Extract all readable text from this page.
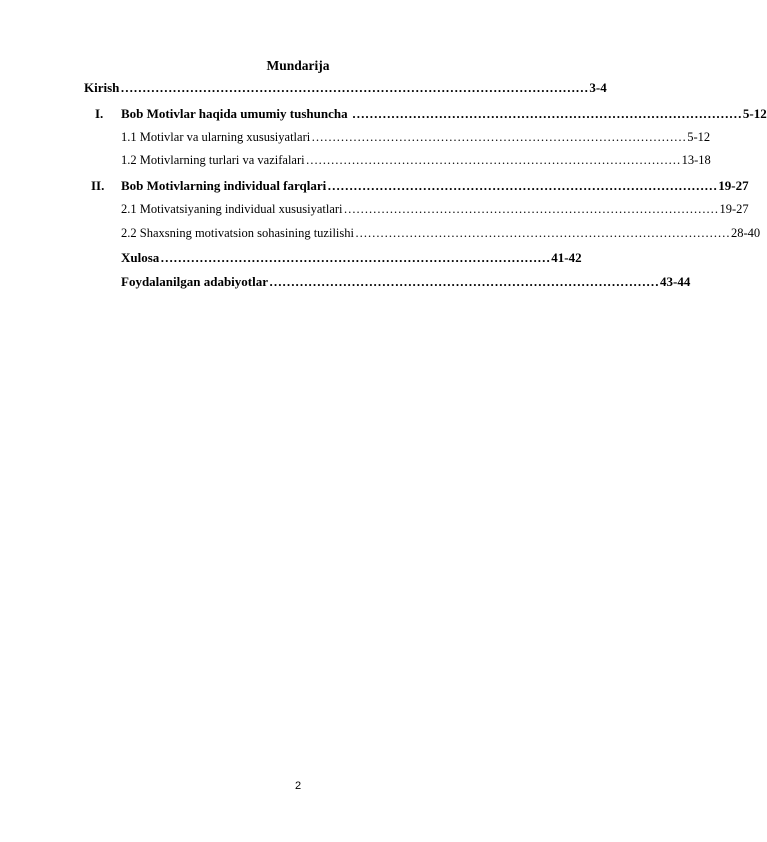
Mundarija
Kirish ……………………………………………………………………………………………… 3-4
I. Bob Motivlar haqida umumiy tushuncha ……………………………………………………………………………… 5-12
1.1 Motivlar va ularning xususiyatlari ……………………………………………………………………………… 5-12
1.2 Motivlarning turlari va vazifalari ……………………………………………………………………………… 13-18
II. Bob Motivlarning individual farqlari ……………………………………………………………………………… 19-27
2.1 Motivatsiyaning individual xususiyatlari ……………………………………………………………………………… 19-27
2.2 Shaxsning motivatsion sohasining tuzilishi ……………………………………………………………………………… 28-40
Xulosa ……………………………………………………………………………… 41-42
Foydalanilgan adabiyotlar ……………………………………………………………………………… 43-44
2
